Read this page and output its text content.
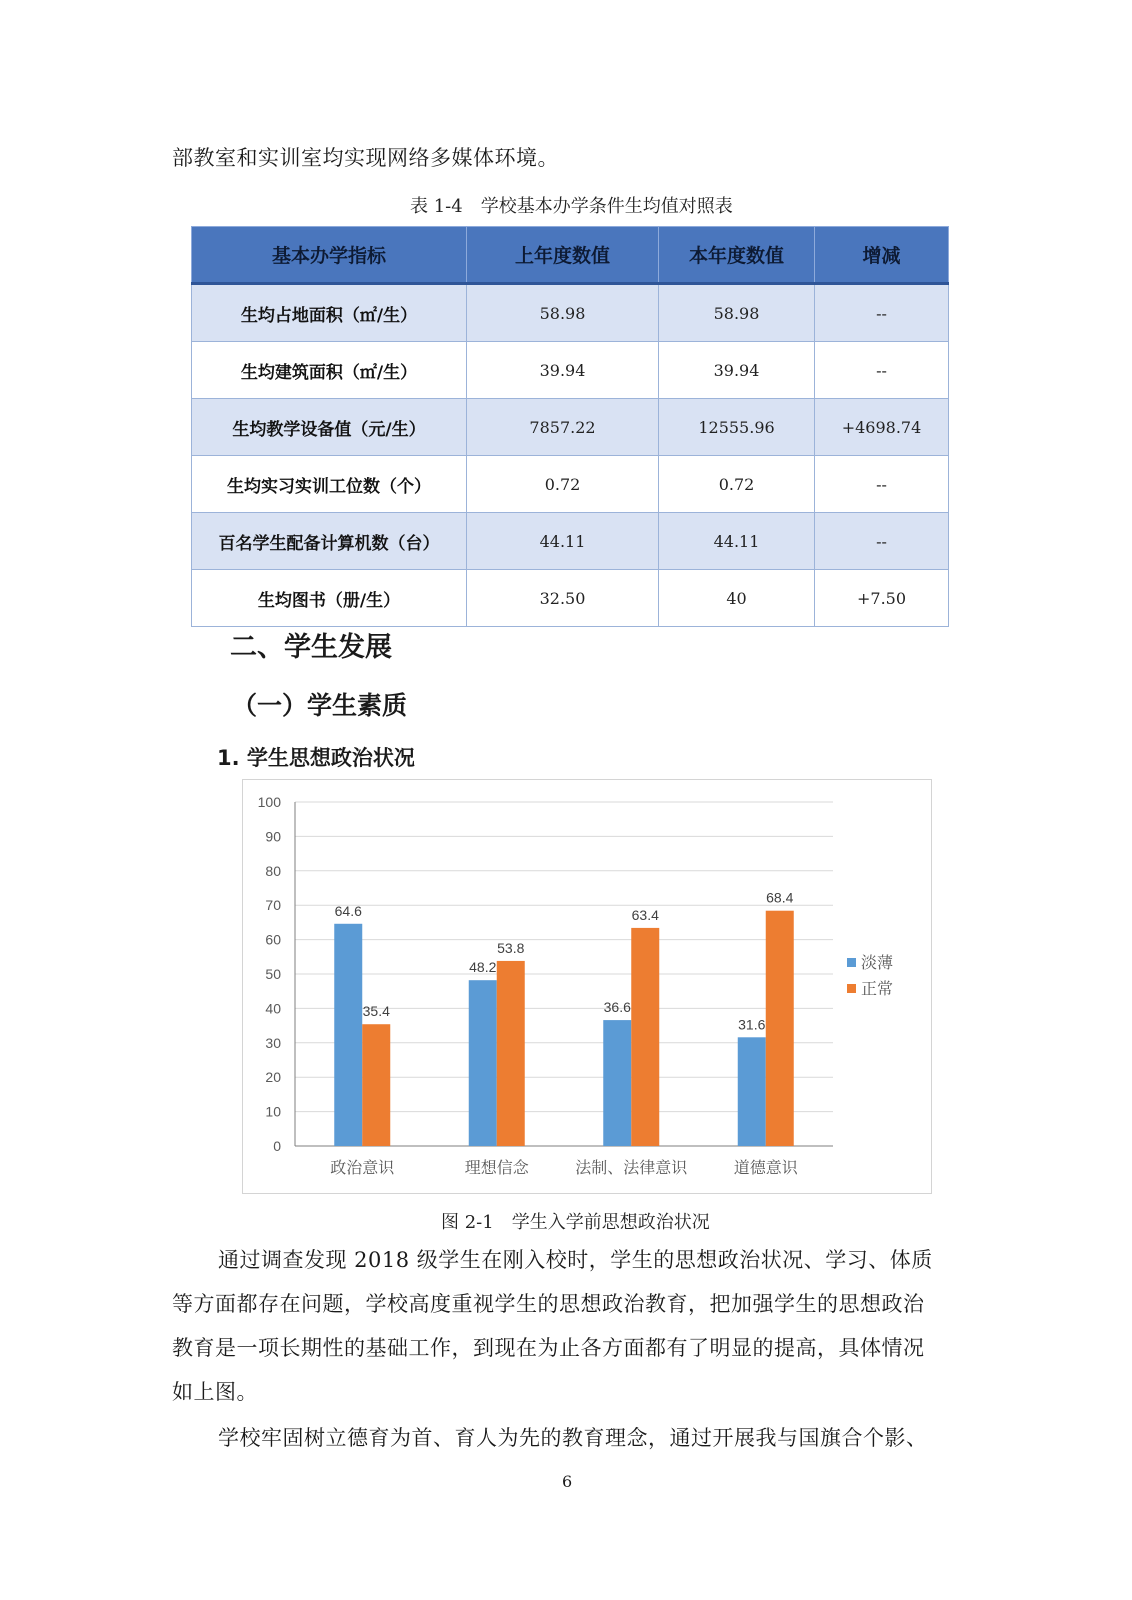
部教室和实训室均实现网络多媒体环境。
表 1-4　学校基本办学条件生均值对照表
基本办学指标	上年度数值	本年度数值	增减
生均占地面积（㎡/生）	58.98	58.98	--
生均建筑面积（㎡/生）	39.94	39.94	--
生均教学设备值（元/生）	7857.22	12555.96	+4698.74
生均实习实训工位数（个）	0.72	0.72	--
百名学生配备计算机数（台）	44.11	44.11	--
生均图书（册/生）	32.50	40	+7.50
二、学生发展
（一）学生素质
1. 学生思想政治状况
0
10
20
30
40
50
60
70
80
90
100
64.6
35.4
政治意识
48.2
53.8
理想信念
36.6
63.4
法制、法律意识
31.6
68.4
道德意识
淡薄
正常
图 2-1　学生入学前思想政治状况
通过调查发现 2018 级学生在刚入校时，学生的思想政治状况、学习、体质
等方面都存在问题，学校高度重视学生的思想政治教育，把加强学生的思想政治
教育是一项长期性的基础工作，到现在为止各方面都有了明显的提高，具体情况
如上图。
学校牢固树立德育为首、育人为先的教育理念，通过开展我与国旗合个影、
6
